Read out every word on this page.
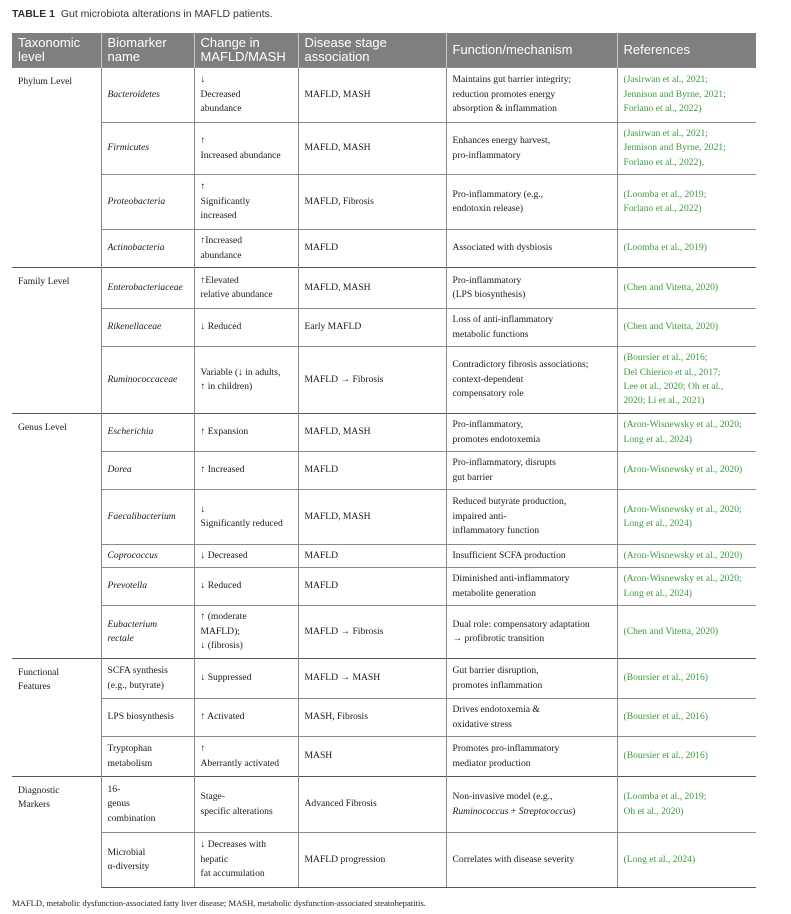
TABLE 1 Gut microbiota alterations in MAFLD patients.
Taxonomic level	Biomarker name	Change in MAFLD/MASH	Disease stage association	Function/mechanism	References
Phylum Level	Bacteroidetes	↓
Decreased
abundance	MAFLD, MASH	Maintains gut barrier integrity;
reduction promotes energy
absorption & inflammation	(Jasirwan et al., 2021;
Jennison and Byrne, 2021;
Forlano et al., 2022)
	Firmicutes	↑
Increased abundance	MAFLD, MASH	Enhances energy harvest,
pro-inflammatory	(Jasirwan et al., 2021;
Jennison and Byrne, 2021;
Forlano et al., 2022),
	Proteobacteria	↑
Significantly
increased	MAFLD, Fibrosis	Pro-inflammatory (e.g.,
endotoxin release)	(Loomba et al., 2019;
Forlano et al., 2022)
	Actinobacteria	↑Increased
abundance	MAFLD	Associated with dysbiosis	(Loomba et al., 2019)
Family Level	Enterobacteriaceae	↑Elevated
relative abundance	MAFLD, MASH	Pro-inflammatory
(LPS biosynthesis)	(Chen and Vitetta, 2020)
	Rikenellaceae	↓ Reduced	Early MAFLD	Loss of anti-inflammatory
metabolic functions	(Chen and Vitetta, 2020)
	Ruminococcaceae	Variable (↓ in adults,
↑ in children)	MAFLD → Fibrosis	Contradictory fibrosis associations;
context-dependent
compensatory role	(Boursier et al., 2016;
Del Chierico et al., 2017;
Lee et al., 2020; Oh et al.,
2020; Li et al., 2021)
Genus Level	Escherichia	↑ Expansion	MAFLD, MASH	Pro-inflammatory,
promotes endotoxemia	(Aron-Wisnewsky et al., 2020;
Long et al., 2024)
	Dorea	↑ Increased	MAFLD	Pro-inflammatory, disrupts
gut barrier	(Aron-Wisnewsky et al., 2020)
	Faecalibacterium	↓
Significantly reduced	MAFLD, MASH	Reduced butyrate production,
impaired anti-
inflammatory function	(Aron-Wisnewsky et al., 2020;
Long et al., 2024)
	Coprococcus	↓ Decreased	MAFLD	Insufficient SCFA production	(Aron-Wisnewsky et al., 2020)
	Prevotella	↓ Reduced	MAFLD	Diminished anti-inflammatory
metabolite generation	(Aron-Wisnewsky et al., 2020;
Long et al., 2024)
	Eubacterium
rectale	↑ (moderate
MAFLD);
↓ (fibrosis)	MAFLD → Fibrosis	Dual role: compensatory adaptation
→ profibrotic transition	(Chen and Vitetta, 2020)
Functional
Features	SCFA synthesis
(e.g., butyrate)	↓ Suppressed	MAFLD → MASH	Gut barrier disruption,
promotes inflammation	(Boursier et al., 2016)
	LPS biosynthesis	↑ Activated	MASH, Fibrosis	Drives endotoxemia &
oxidative stress	(Boursier et al., 2016)
	Tryptophan
metabolism	↑
Aberrantly activated	MASH	Promotes pro-inflammatory
mediator production	(Boursier et al., 2016)
Diagnostic
Markers	16-
genus
combination	Stage-
specific alterations	Advanced Fibrosis	Non-invasive model (e.g.,
Ruminococcus + Streptococcus)	(Loomba et al., 2019;
Oh et al., 2020)
	Microbial
α-diversity	↓ Decreases with
hepatic
fat accumulation	MAFLD progression	Correlates with disease severity	(Long et al., 2024)
MAFLD, metabolic dysfunction-associated fatty liver disease; MASH, metabolic dysfunction-associated steatohepatitis.
